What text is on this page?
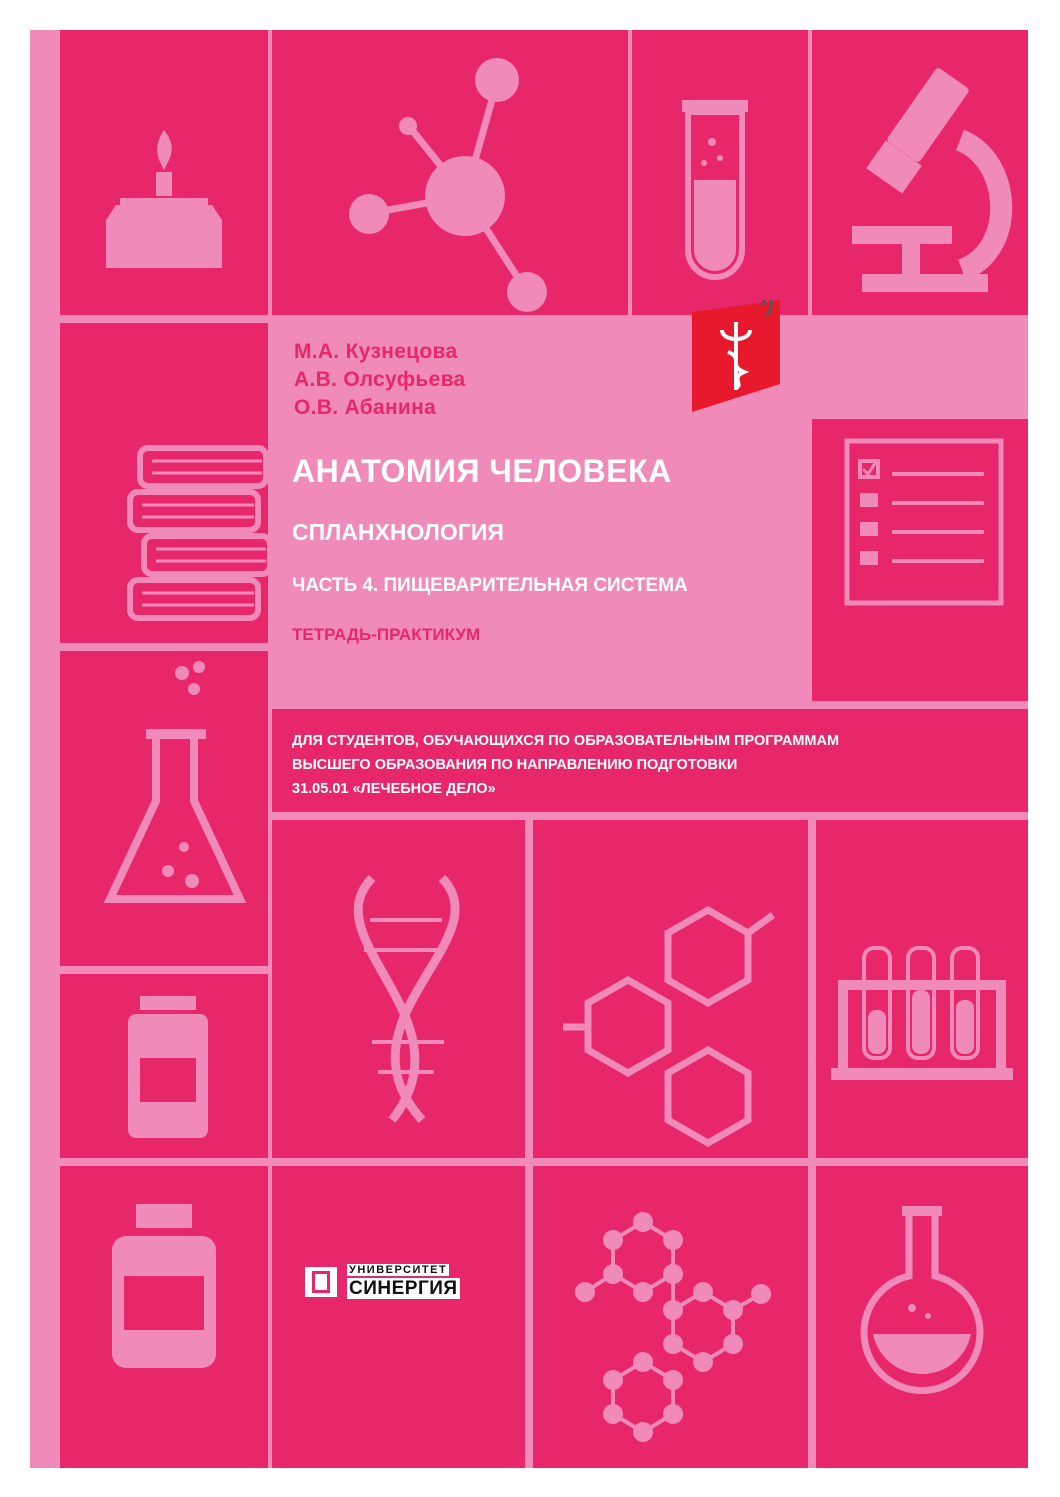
М.А. Кузнецова
А.В. Олсуфьева
О.В. Абанина
АНАТОМИЯ ЧЕЛОВЕКА
СПЛАНХНОЛОГИЯ
ЧАСТЬ 4. ПИЩЕВАРИТЕЛЬНАЯ СИСТЕМА
ТЕТРАДЬ-ПРАКТИКУМ
ДЛЯ СТУДЕНТОВ, ОБУЧАЮЩИХСЯ ПО ОБРАЗОВАТЕЛЬНЫМ ПРОГРАММАМ
ВЫСШЕГО ОБРАЗОВАНИЯ ПО НАПРАВЛЕНИЮ ПОДГОТОВКИ
31.05.01 «ЛЕЧЕБНОЕ ДЕЛО»
УНИВЕРСИТЕТ
СИНЕРГИЯ
